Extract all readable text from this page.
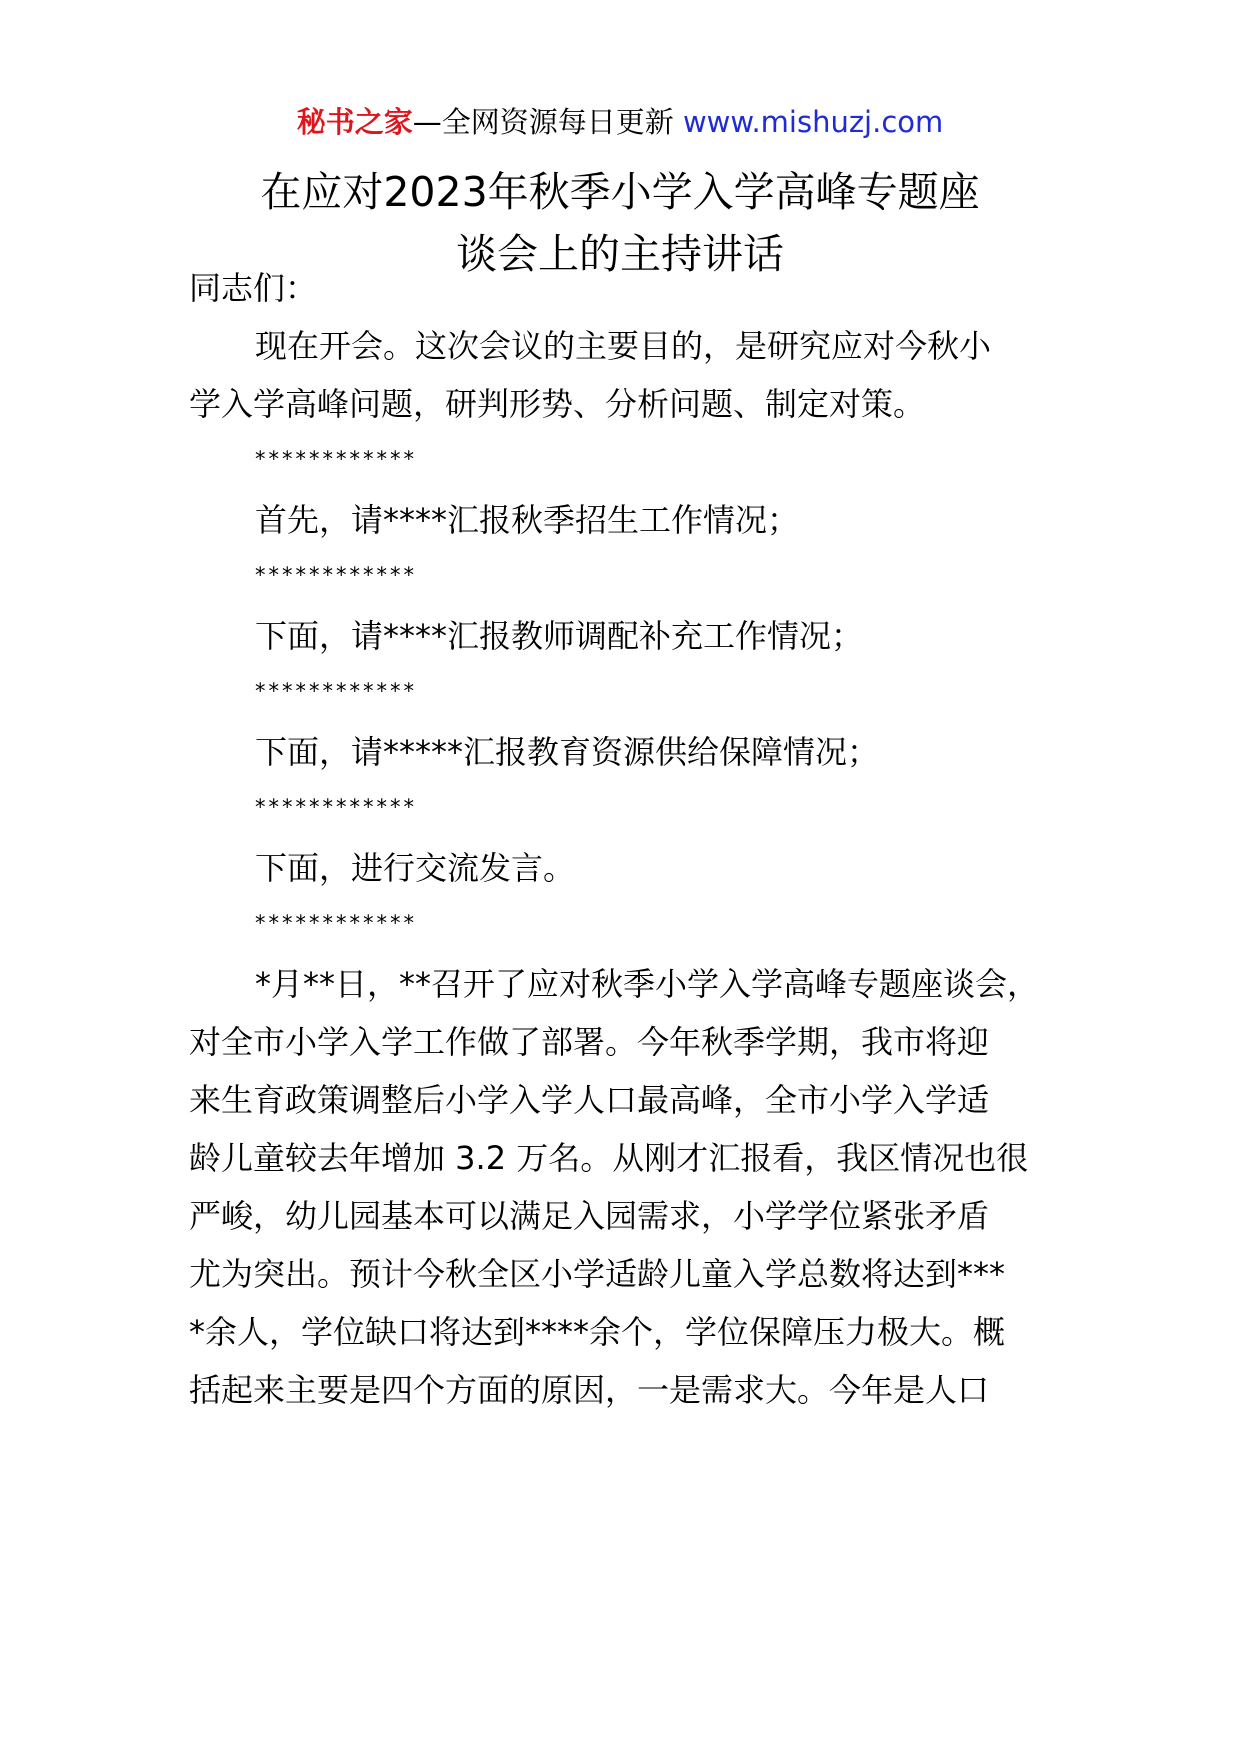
秘书之家—全网资源每日更新 www.mishuzj.com
在应对2023年秋季小学入学高峰专题座
谈会上的主持讲话
同志们：
现在开会。这次会议的主要目的，是研究应对今秋小
学入学高峰问题，研判形势、分析问题、制定对策。
************
首先，请****汇报秋季招生工作情况；
************
下面，请****汇报教师调配补充工作情况；
************
下面，请*****汇报教育资源供给保障情况；
************
下面，进行交流发言。
************
*月**日，**召开了应对秋季小学入学高峰专题座谈会，
对全市小学入学工作做了部署。今年秋季学期，我市将迎
来生育政策调整后小学入学人口最高峰，全市小学入学适
龄儿童较去年增加 3.2 万名。从刚才汇报看，我区情况也很
严峻，幼儿园基本可以满足入园需求，小学学位紧张矛盾
尤为突出。预计今秋全区小学适龄儿童入学总数将达到***
*余人，学位缺口将达到****余个，学位保障压力极大。概
括起来主要是四个方面的原因，一是需求大。今年是人口
